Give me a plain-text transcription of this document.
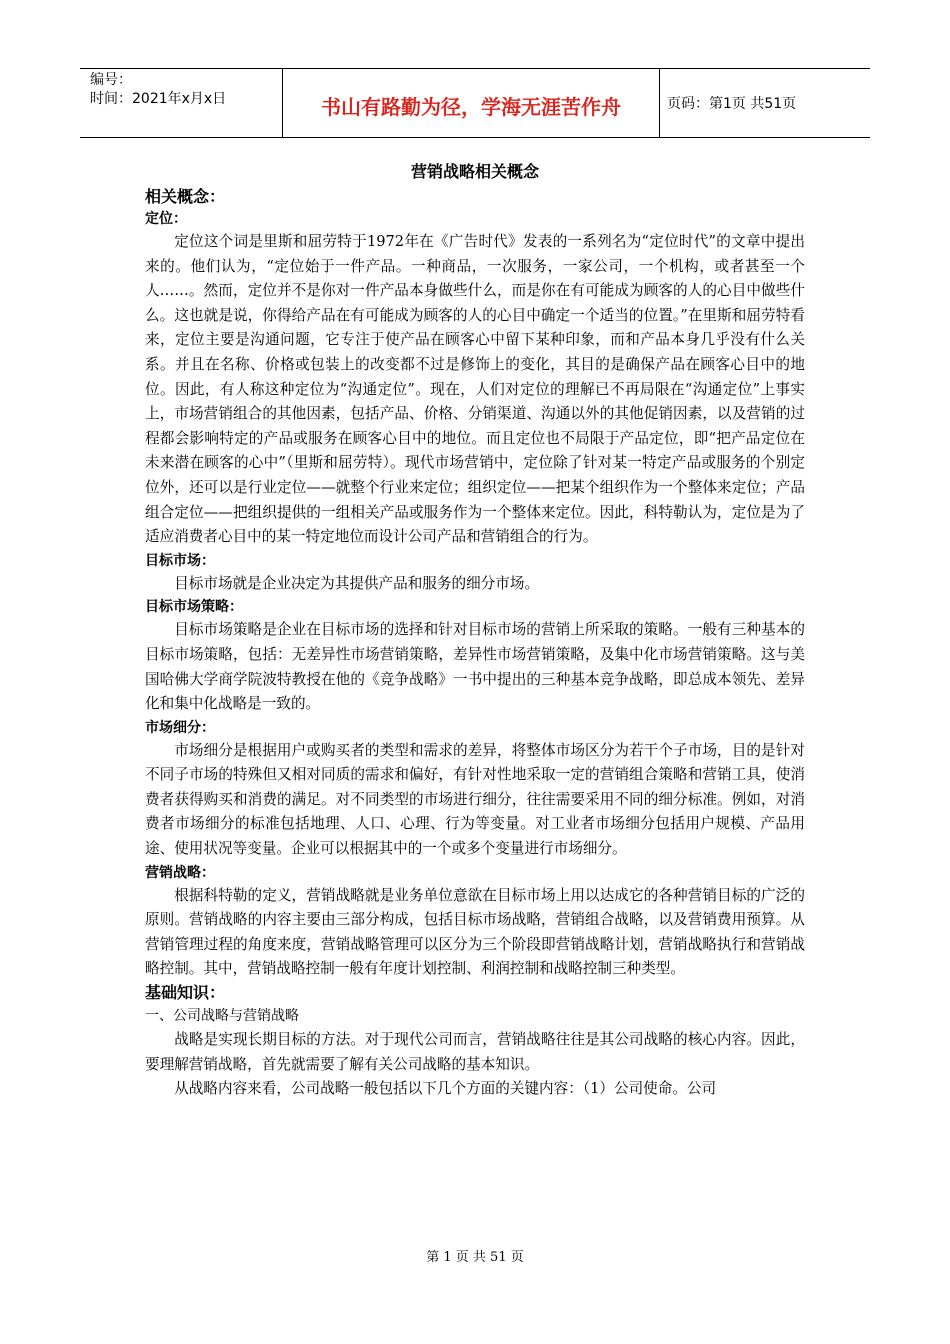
编号：
时间：2021年x月x日	书山有路勤为径，学海无涯苦作舟	页码：第1页 共51页
营销战略相关概念
相关概念：
定位：

定位这个词是里斯和屈劳特于1972年在《广告时代》发表的一系列名为“定位时代”的文章中提出来的。他们认为，“定位始于一件产品。一种商品，一次服务，一家公司，一个机构，或者甚至一个人……。然而，定位并不是你对一件产品本身做些什么，而是你在有可能成为顾客的人的心目中做些什么。这也就是说，你得给产品在有可能成为顾客的人的心目中确定一个适当的位置。”在里斯和屈劳特看来，定位主要是沟通问题，它专注于使产品在顾客心中留下某种印象，而和产品本身几乎没有什么关系。并且在名称、价格或包装上的改变都不过是修饰上的变化，其目的是确保产品在顾客心目中的地位。因此，有人称这种定位为“沟通定位”。现在，人们对定位的理解已不再局限在“沟通定位”上事实上，市场营销组合的其他因素，包括产品、价格、分销渠道、沟通以外的其他促销因素，以及营销的过程都会影响特定的产品或服务在顾客心目中的地位。而且定位也不局限于产品定位，即“把产品定位在未来潜在顾客的心中”（里斯和屈劳特）。现代市场营销中，定位除了针对某一特定产品或服务的个别定位外，还可以是行业定位——就整个行业来定位；组织定位——把某个组织作为一个整体来定位；产品组合定位——把组织提供的一组相关产品或服务作为一个整体来定位。因此，科特勒认为，定位是为了适应消费者心目中的某一特定地位而设计公司产品和营销组合的行为。

目标市场：

目标市场就是企业决定为其提供产品和服务的细分市场。

目标市场策略：

目标市场策略是企业在目标市场的选择和针对目标市场的营销上所采取的策略。一般有三种基本的目标市场策略，包括：无差异性市场营销策略，差异性市场营销策略，及集中化市场营销策略。这与美国哈佛大学商学院波特教授在他的《竞争战略》一书中提出的三种基本竞争战略，即总成本领先、差异化和集中化战略是一致的。

市场细分：

市场细分是根据用户或购买者的类型和需求的差异，将整体市场区分为若干个子市场，目的是针对不同子市场的特殊但又相对同质的需求和偏好，有针对性地采取一定的营销组合策略和营销工具，使消费者获得购买和消费的满足。对不同类型的市场进行细分，往往需要采用不同的细分标准。例如，对消费者市场细分的标准包括地理、人口、心理、行为等变量。对工业者市场细分包括用户规模、产品用途、使用状况等变量。企业可以根据其中的一个或多个变量进行市场细分。

营销战略：

根据科特勒的定义，营销战略就是业务单位意欲在目标市场上用以达成它的各种营销目标的广泛的原则。营销战略的内容主要由三部分构成，包括目标市场战略，营销组合战略，以及营销费用预算。从营销管理过程的角度来度，营销战略管理可以区分为三个阶段即营销战略计划，营销战略执行和营销战略控制。其中，营销战略控制一般有年度计划控制、利润控制和战略控制三种类型。

基础知识：
一、公司战略与营销战略

战略是实现长期目标的方法。对于现代公司而言，营销战略往往是其公司战略的核心内容。因此，要理解营销战略，首先就需要了解有关公司战略的基本知识。

从战略内容来看，公司战略一般包括以下几个方面的关键内容：（1）公司使命。公司

第 1 页 共 51 页
